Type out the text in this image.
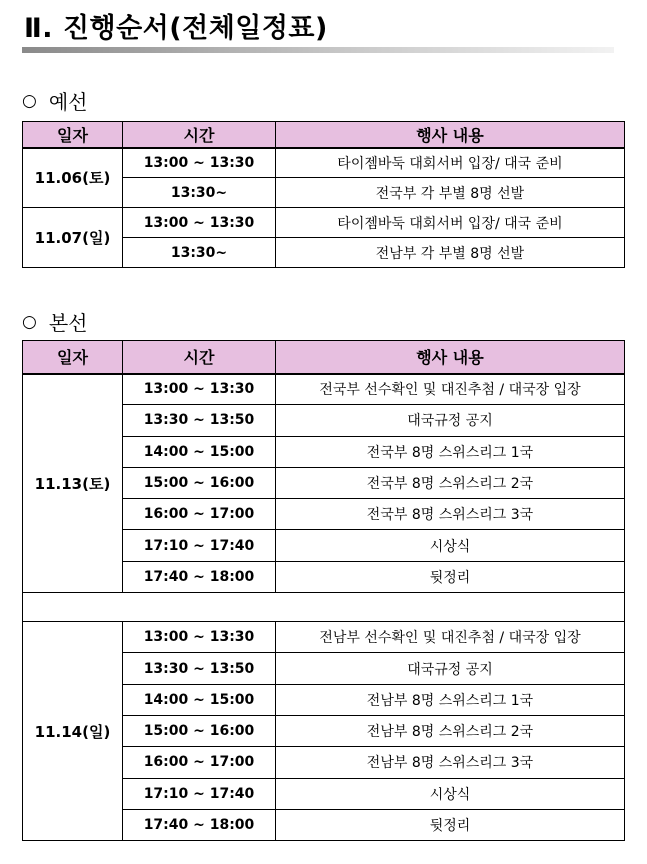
Ⅱ. 진행순서(전체일정표)
○ 예선
일자	시간	행사 내용
11.06(토)	13:00 ~ 13:30	타이젬바둑 대회서버 입장/ 대국 준비
	13:30~	전국부 각 부별 8명 선발
11.07(일)	13:00 ~ 13:30	타이젬바둑 대회서버 입장/ 대국 준비
	13:30~	전남부 각 부별 8명 선발
○ 본선
일자	시간	행사 내용
11.13(토)	13:00 ~ 13:30	전국부 선수확인 및 대진추첨 / 대국장 입장
	13:30 ~ 13:50	대국규정 공지
	14:00 ~ 15:00	전국부 8명 스위스리그 1국
	15:00 ~ 16:00	전국부 8명 스위스리그 2국
	16:00 ~ 17:00	전국부 8명 스위스리그 3국
	17:10 ~ 17:40	시상식
	17:40 ~ 18:00	뒷정리

11.14(일)	13:00 ~ 13:30	전남부 선수확인 및 대진추첨 / 대국장 입장
	13:30 ~ 13:50	대국규정 공지
	14:00 ~ 15:00	전남부 8명 스위스리그 1국
	15:00 ~ 16:00	전남부 8명 스위스리그 2국
	16:00 ~ 17:00	전남부 8명 스위스리그 3국
	17:10 ~ 17:40	시상식
	17:40 ~ 18:00	뒷정리
